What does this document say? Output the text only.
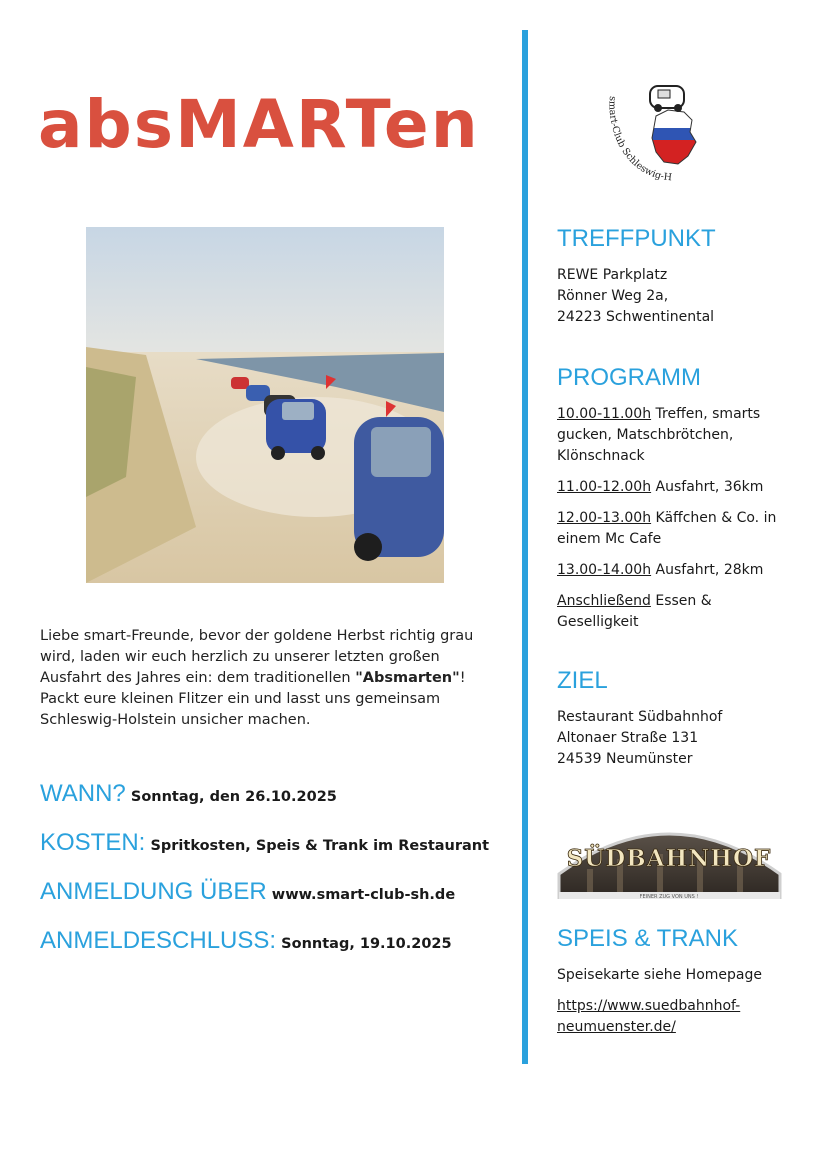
absMARTen	smart-Club Schleswig-H
Liebe smart-Freunde, bevor der goldene Herbst richtig grau wird, laden wir euch herzlich zu unserer letzten großen Ausfahrt des Jahres ein: dem traditionellen "Absmarten"!
Packt eure kleinen Flitzer ein und lasst uns gemeinsam Schleswig-Holstein unsicher machen.
WANN? Sonntag, den 26.10.2025
KOSTEN: Spritkosten, Speis & Trank im Restaurant
ANMELDUNG ÜBER www.smart-club-sh.de
ANMELDESCHLUSS: Sonntag, 19.10.2025
TREFFPUNKT
REWE Parkplatz
Rönner Weg 2a,
24223 Schwentinental
PROGRAMM
10.00-11.00h Treffen, smarts gucken, Matschbrötchen, Klönschnack
11.00-12.00h Ausfahrt, 36km
12.00-13.00h Käffchen & Co. in einem Mc Cafe
13.00-14.00h Ausfahrt, 28km
Anschließend Essen & Geselligkeit
ZIEL
Restaurant Südbahnhof
Altonaer Straße 131
24539 Neumünster
SÜDBAHNHOF
FEINER ZUG VON UNS !
SPEIS & TRANK
Speisekarte siehe Homepage
https://www.suedbahnhof-
neumuenster.de/
